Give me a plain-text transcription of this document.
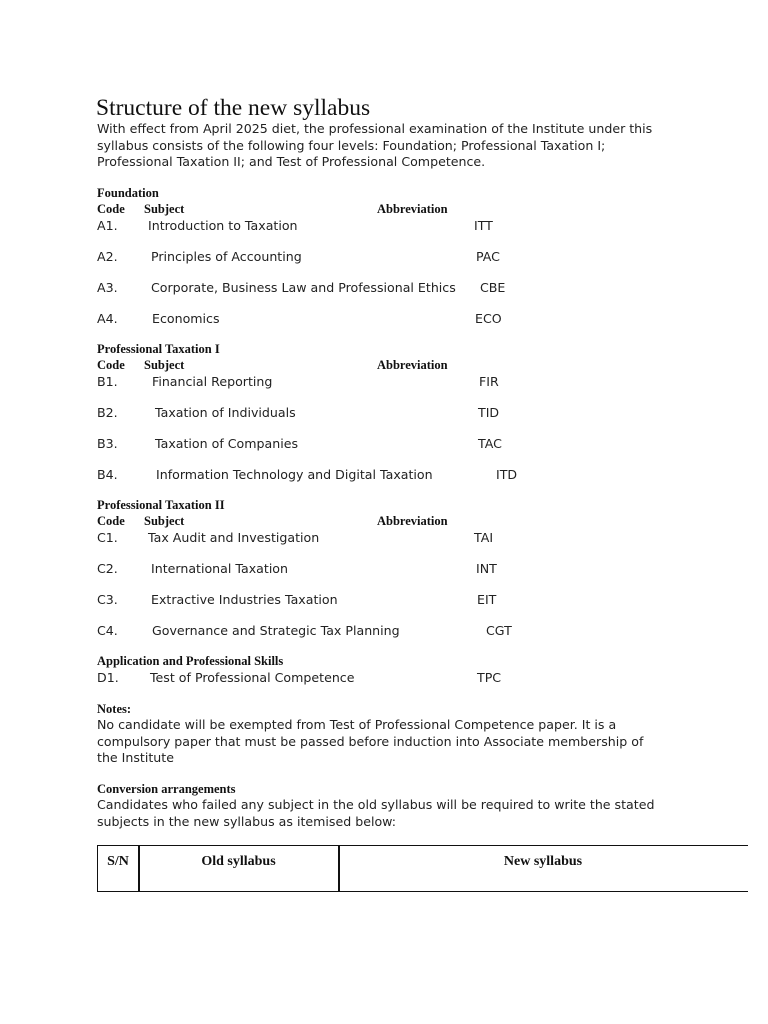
Structure of the new syllabus
With effect from April 2025 diet, the professional examination of the Institute under this syllabus consists of the following four levels: Foundation; Professional Taxation I; Professional Taxation II; and Test of Professional Competence.
Foundation
Code Subject	Abbreviation
A1. Introduction to Taxation	ITT
A2.	Principles of Accounting	PAC
A3.	Corporate, Business Law and Professional Ethics CBE
A4.	Economics	ECO
Professional Taxation I
Code Subject	Abbreviation
B1.	Financial Reporting	FIR
B2.	Taxation of Individuals	TID
B3.	Taxation of Companies	TAC
B4.	Information Technology and Digital Taxation	ITD
Professional Taxation II
Code Subject	Abbreviation
C1. Tax Audit and Investigation	TAI
C2.	International Taxation	INT
C3.	Extractive Industries Taxation	EIT
C4.	Governance and Strategic Tax Planning	CGT
Application and Professional Skills
D1. Test of Professional Competence	TPC
Notes:
No candidate will be exempted from Test of Professional Competence paper. It is a compulsory paper that must be passed before induction into Associate membership of the Institute
Conversion arrangements
Candidates who failed any subject in the old syllabus will be required to write the stated subjects in the new syllabus as itemised below:
S/N	Old syllabus	New syllabus
